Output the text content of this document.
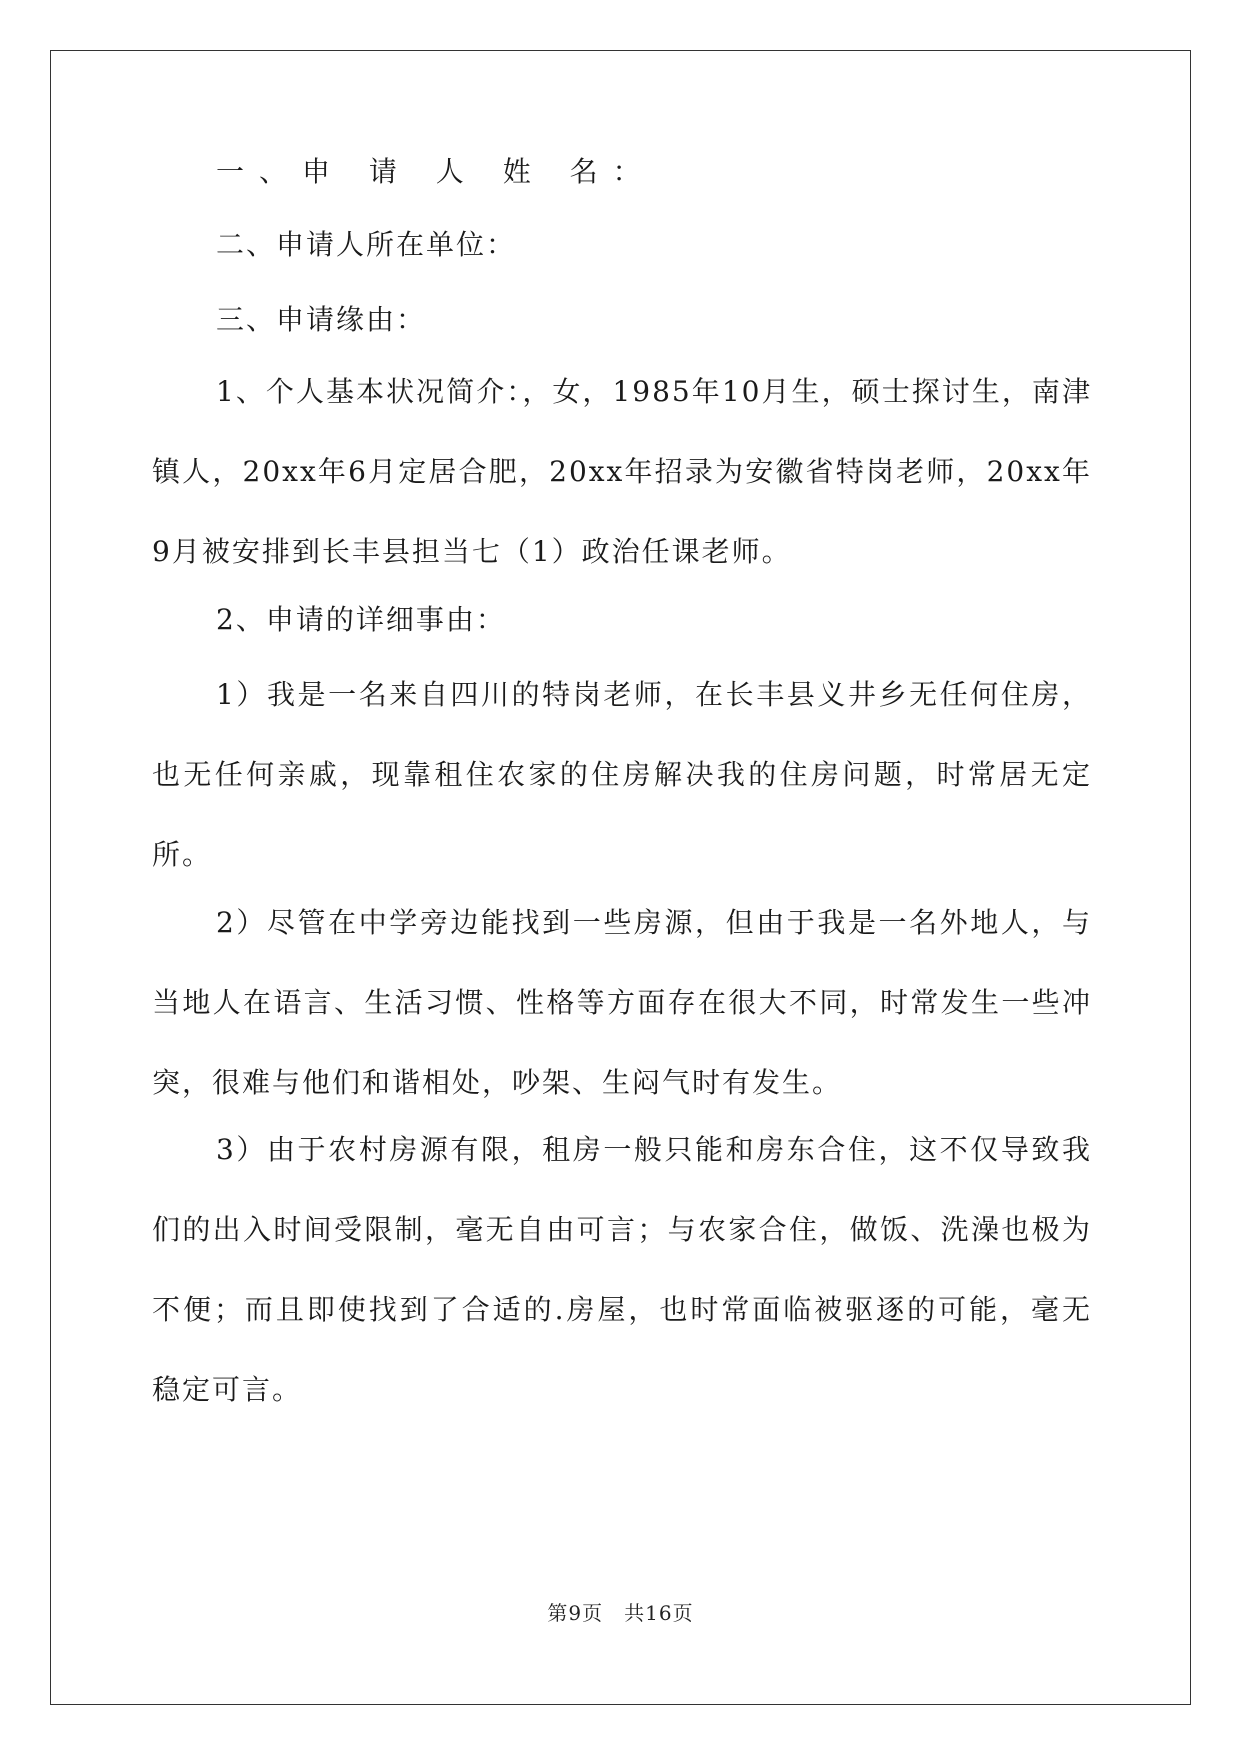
一、申 请 人 姓 名：

二、申请人所在单位：

三、申请缘由：

1、个人基本状况简介：，女，1985年10月生，硕士探讨生，南津镇人，20xx年6月定居合肥，20xx年招录为安徽省特岗老师，20xx年9月被安排到长丰县担当七（1）政治任课老师。

2、申请的详细事由：

1）我是一名来自四川的特岗老师，在长丰县义井乡无任何住房，也无任何亲戚，现靠租住农家的住房解决我的住房问题，时常居无定所。

2）尽管在中学旁边能找到一些房源，但由于我是一名外地人，与当地人在语言、生活习惯、性格等方面存在很大不同，时常发生一些冲突，很难与他们和谐相处，吵架、生闷气时有发生。

3）由于农村房源有限，租房一般只能和房东合住，这不仅导致我们的出入时间受限制，毫无自由可言；与农家合住，做饭、洗澡也极为不便；而且即使找到了合适的.房屋，也时常面临被驱逐的可能，毫无稳定可言。

第9页　共16页
